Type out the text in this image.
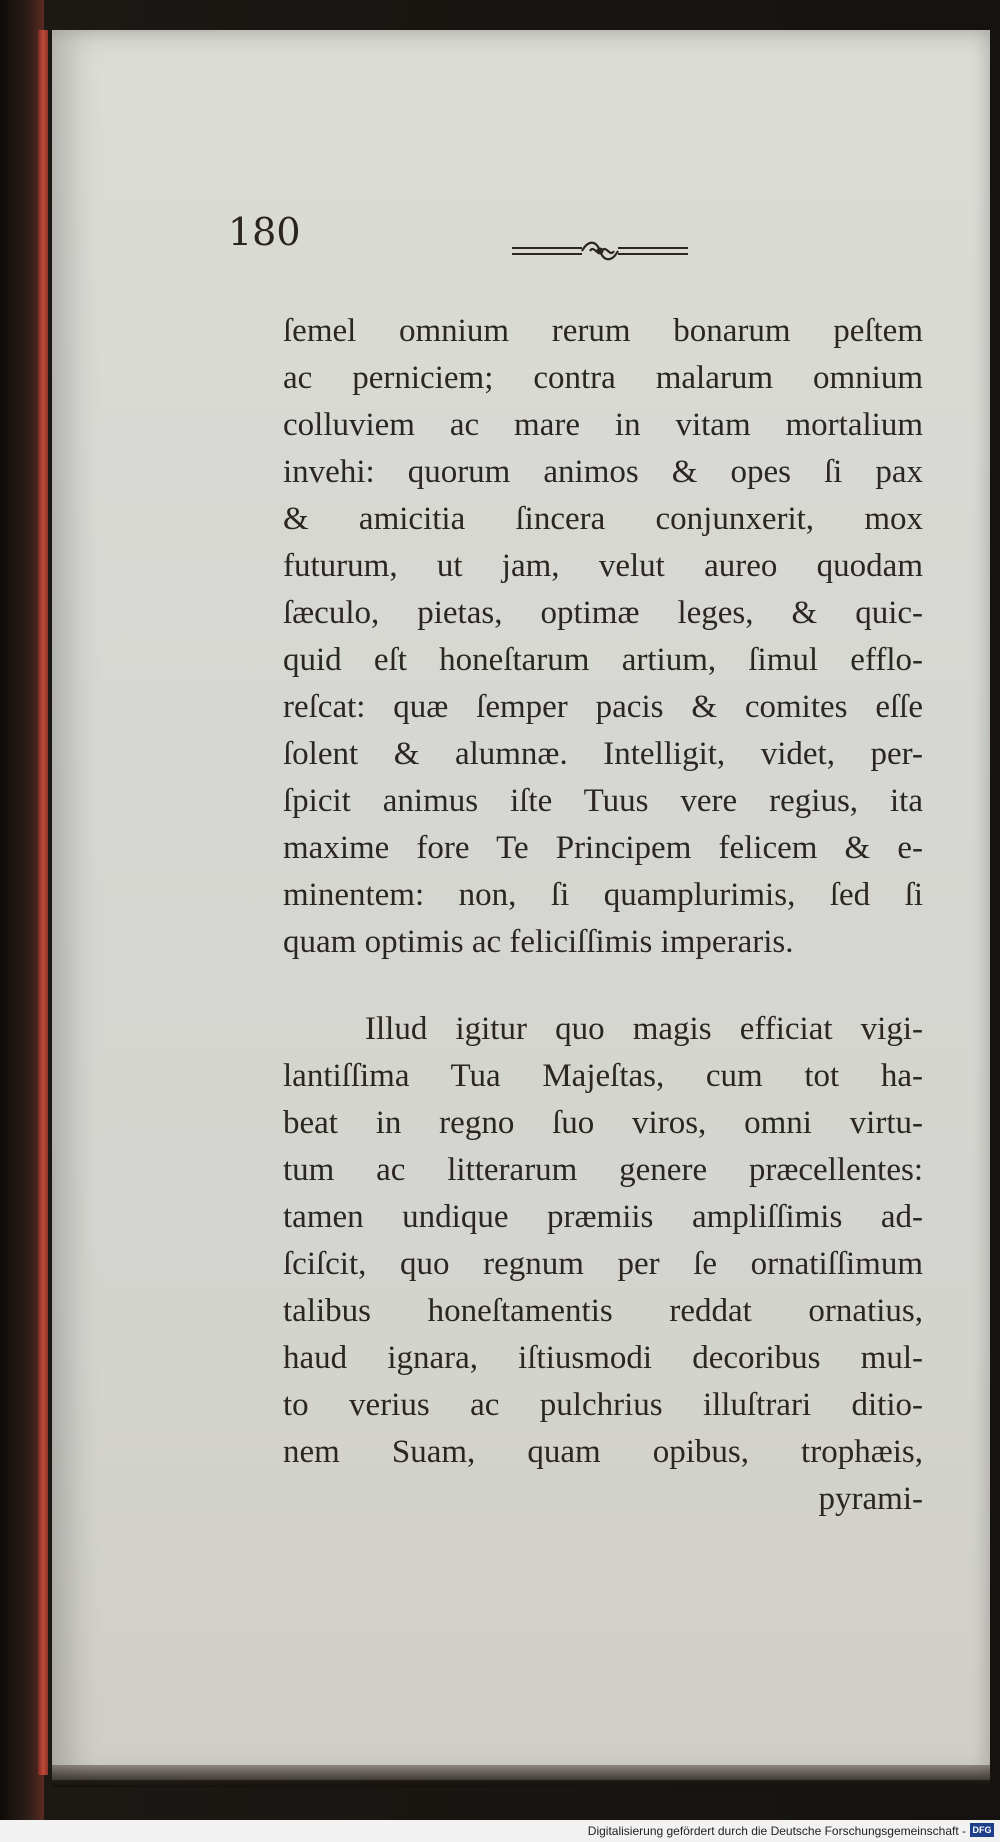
180
ſemel omnium rerum bonarum peſtem
ac perniciem; contra malarum omnium
colluviem ac mare in vitam mortalium
invehi: quorum animos & opes ſi pax
& amicitia ſincera conjunxerit, mox
futurum, ut jam, velut aureo quodam
ſæculo, pietas, optimæ leges, & quic-
quid eſt honeſtarum artium, ſimul efflo-
reſcat: quæ ſemper pacis & comites eſſe
ſolent & alumnæ. Intelligit, videt, per-
ſpicit animus iſte Tuus vere regius, ita
maxime fore Te Principem felicem & e-
minentem: non, ſi quamplurimis, ſed ſi
quam optimis ac feliciſſimis imperaris.
Illud igitur quo magis efficiat vigi-
lantiſſima Tua Majeſtas, cum tot ha-
beat in regno ſuo viros, omni virtu-
tum ac litterarum genere præcellentes:
tamen undique præmiis ampliſſimis ad-
ſciſcit, quo regnum per ſe ornatiſſimum
talibus honeſtamentis reddat ornatius,
haud ignara, iſtiusmodi decoribus mul-
to verius ac pulchrius illuſtrari ditio-
nem Suam, quam opibus, trophæis,
pyrami-
Digitalisierung gefördert durch die Deutsche Forschungsgemeinschaft - DFG
